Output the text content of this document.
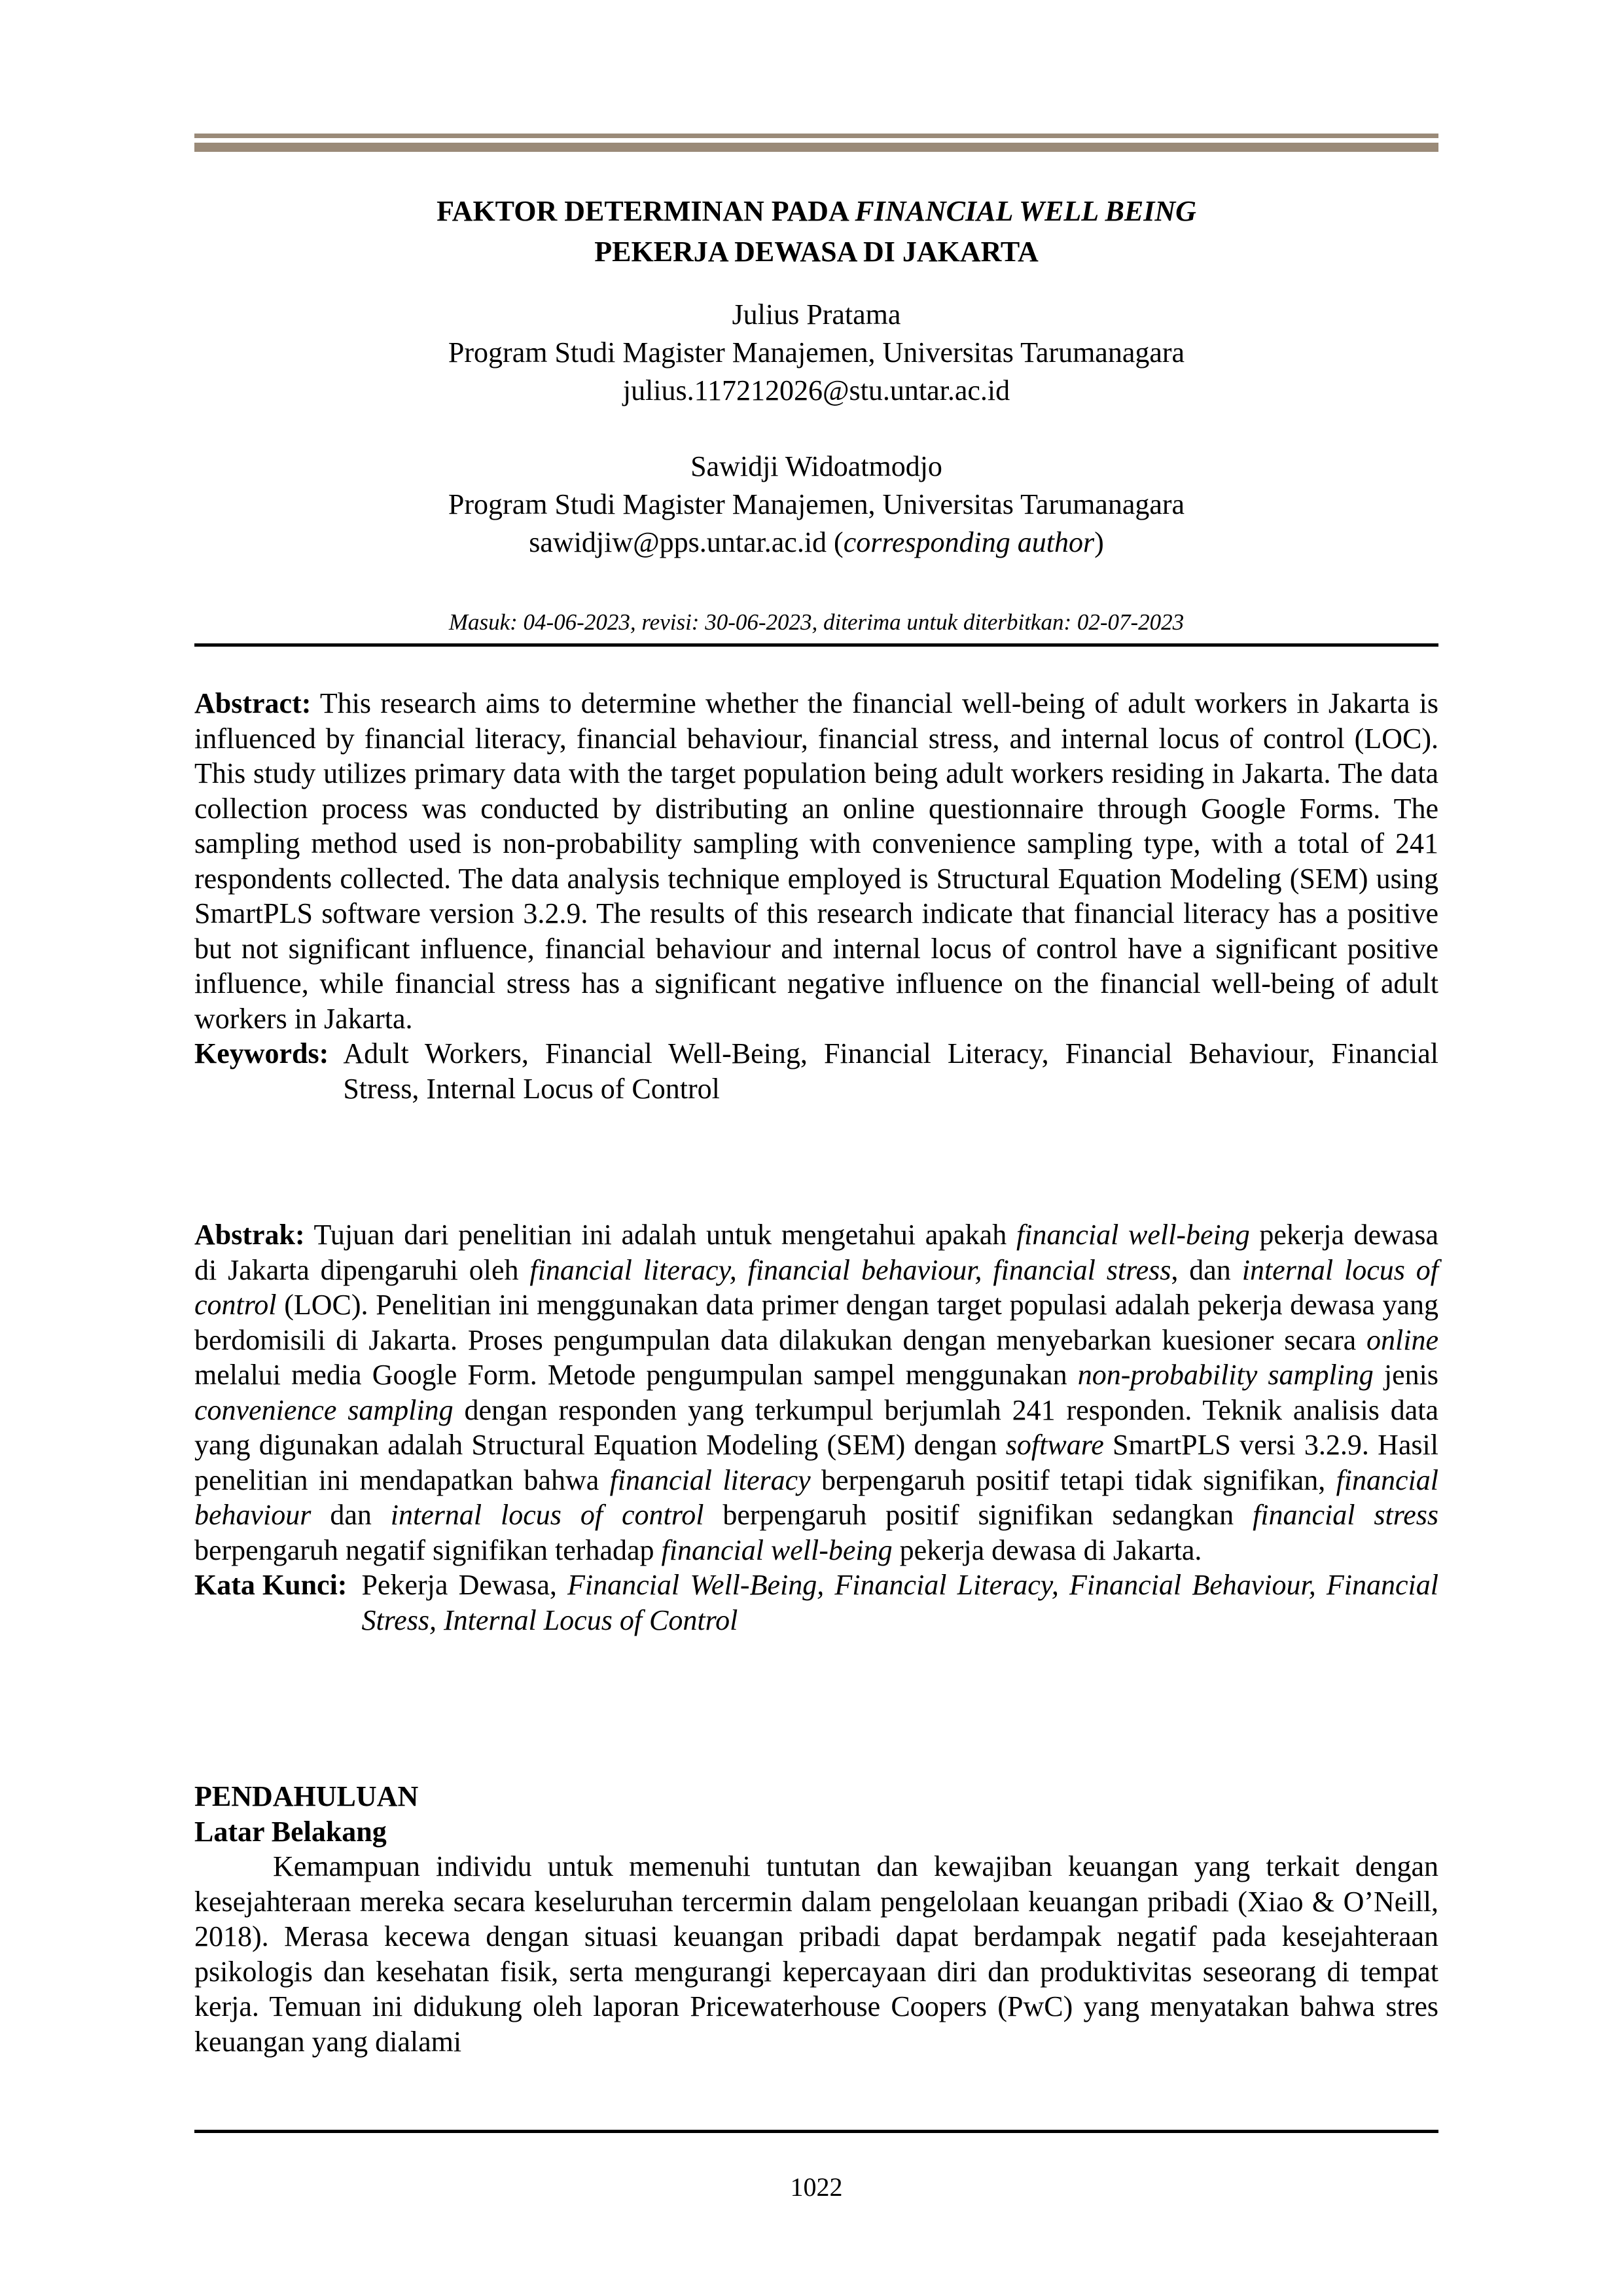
FAKTOR DETERMINAN PADA FINANCIAL WELL BEING
PEKERJA DEWASA DI JAKARTA
Julius Pratama
Program Studi Magister Manajemen, Universitas Tarumanagara
julius.117212026@stu.untar.ac.id
Sawidji Widoatmodjo
Program Studi Magister Manajemen, Universitas Tarumanagara
sawidjiw@pps.untar.ac.id (corresponding author)
Masuk: 04-06-2023, revisi: 30-06-2023, diterima untuk diterbitkan: 02-07-2023
Abstract: This research aims to determine whether the financial well-being of adult workers in Jakarta is influenced by financial literacy, financial behaviour, financial stress, and internal locus of control (LOC). This study utilizes primary data with the target population being adult workers residing in Jakarta. The data collection process was conducted by distributing an online questionnaire through Google Forms. The sampling method used is non-probability sampling with convenience sampling type, with a total of 241 respondents collected. The data analysis technique employed is Structural Equation Modeling (SEM) using SmartPLS software version 3.2.9. The results of this research indicate that financial literacy has a positive but not significant influence, financial behaviour and internal locus of control have a significant positive influence, while financial stress has a significant negative influence on the financial well-being of adult workers in Jakarta.
Keywords: Adult Workers, Financial Well-Being, Financial Literacy, Financial Behaviour, Financial Stress, Internal Locus of Control
Abstrak: Tujuan dari penelitian ini adalah untuk mengetahui apakah financial well-being pekerja dewasa di Jakarta dipengaruhi oleh financial literacy, financial behaviour, financial stress, dan internal locus of control (LOC). Penelitian ini menggunakan data primer dengan target populasi adalah pekerja dewasa yang berdomisili di Jakarta. Proses pengumpulan data dilakukan dengan menyebarkan kuesioner secara online melalui media Google Form. Metode pengumpulan sampel menggunakan non-probability sampling jenis convenience sampling dengan responden yang terkumpul berjumlah 241 responden. Teknik analisis data yang digunakan adalah Structural Equation Modeling (SEM) dengan software SmartPLS versi 3.2.9. Hasil penelitian ini mendapatkan bahwa financial literacy berpengaruh positif tetapi tidak signifikan, financial behaviour dan internal locus of control berpengaruh positif signifikan sedangkan financial stress berpengaruh negatif signifikan terhadap financial well-being pekerja dewasa di Jakarta.
Kata Kunci: Pekerja Dewasa, Financial Well-Being, Financial Literacy, Financial Behaviour, Financial Stress, Internal Locus of Control
PENDAHULUAN
Latar Belakang
Kemampuan individu untuk memenuhi tuntutan dan kewajiban keuangan yang terkait dengan kesejahteraan mereka secara keseluruhan tercermin dalam pengelolaan keuangan pribadi (Xiao & O’Neill, 2018). Merasa kecewa dengan situasi keuangan pribadi dapat berdampak negatif pada kesejahteraan psikologis dan kesehatan fisik, serta mengurangi kepercayaan diri dan produktivitas seseorang di tempat kerja. Temuan ini didukung oleh laporan Pricewaterhouse Coopers (PwC) yang menyatakan bahwa stres keuangan yang dialami
1022
